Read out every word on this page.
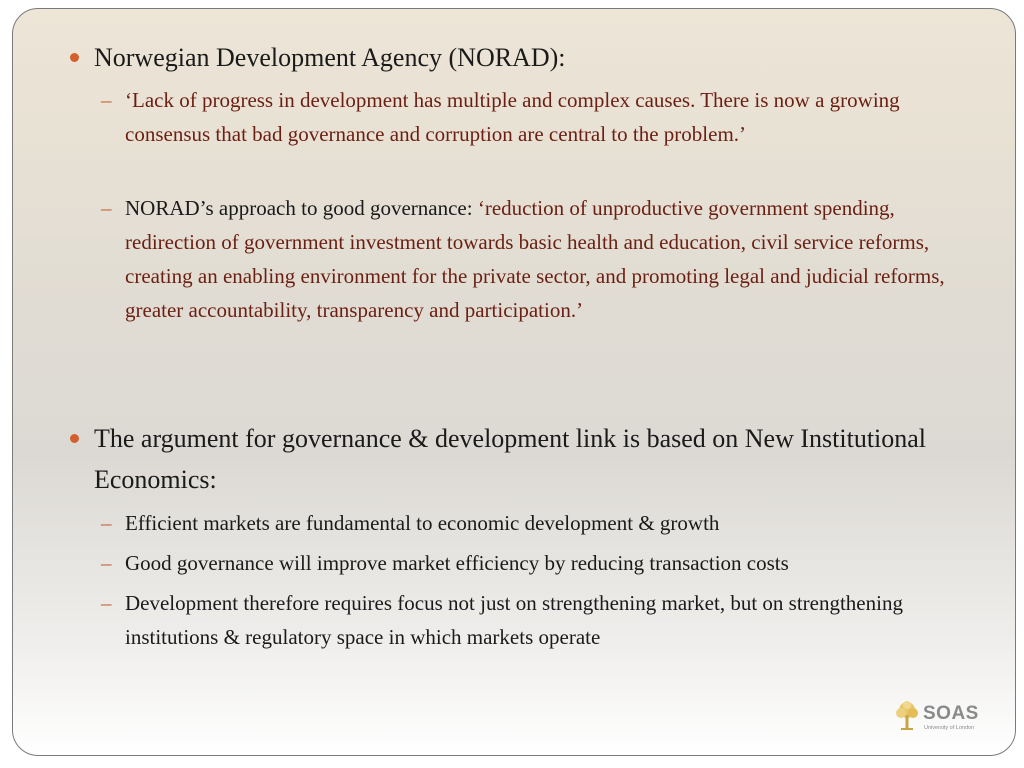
Norwegian Development Agency (NORAD):
– ‘Lack of progress in development has multiple and complex causes. There is now a growing consensus that bad governance and corruption are central to the problem.’
– NORAD’s approach to good governance: ‘reduction of unproductive government spending, redirection of government investment towards basic health and education, civil service reforms, creating an enabling environment for the private sector, and promoting legal and judicial reforms, greater accountability, transparency and participation.’
The argument for governance & development link is based on New Institutional Economics:
– Efficient markets are fundamental to economic development & growth
– Good governance will improve market efficiency by reducing transaction costs
– Development therefore requires focus not just on strengthening market, but on strengthening institutions & regulatory space in which markets operate
SOAS
University of London
